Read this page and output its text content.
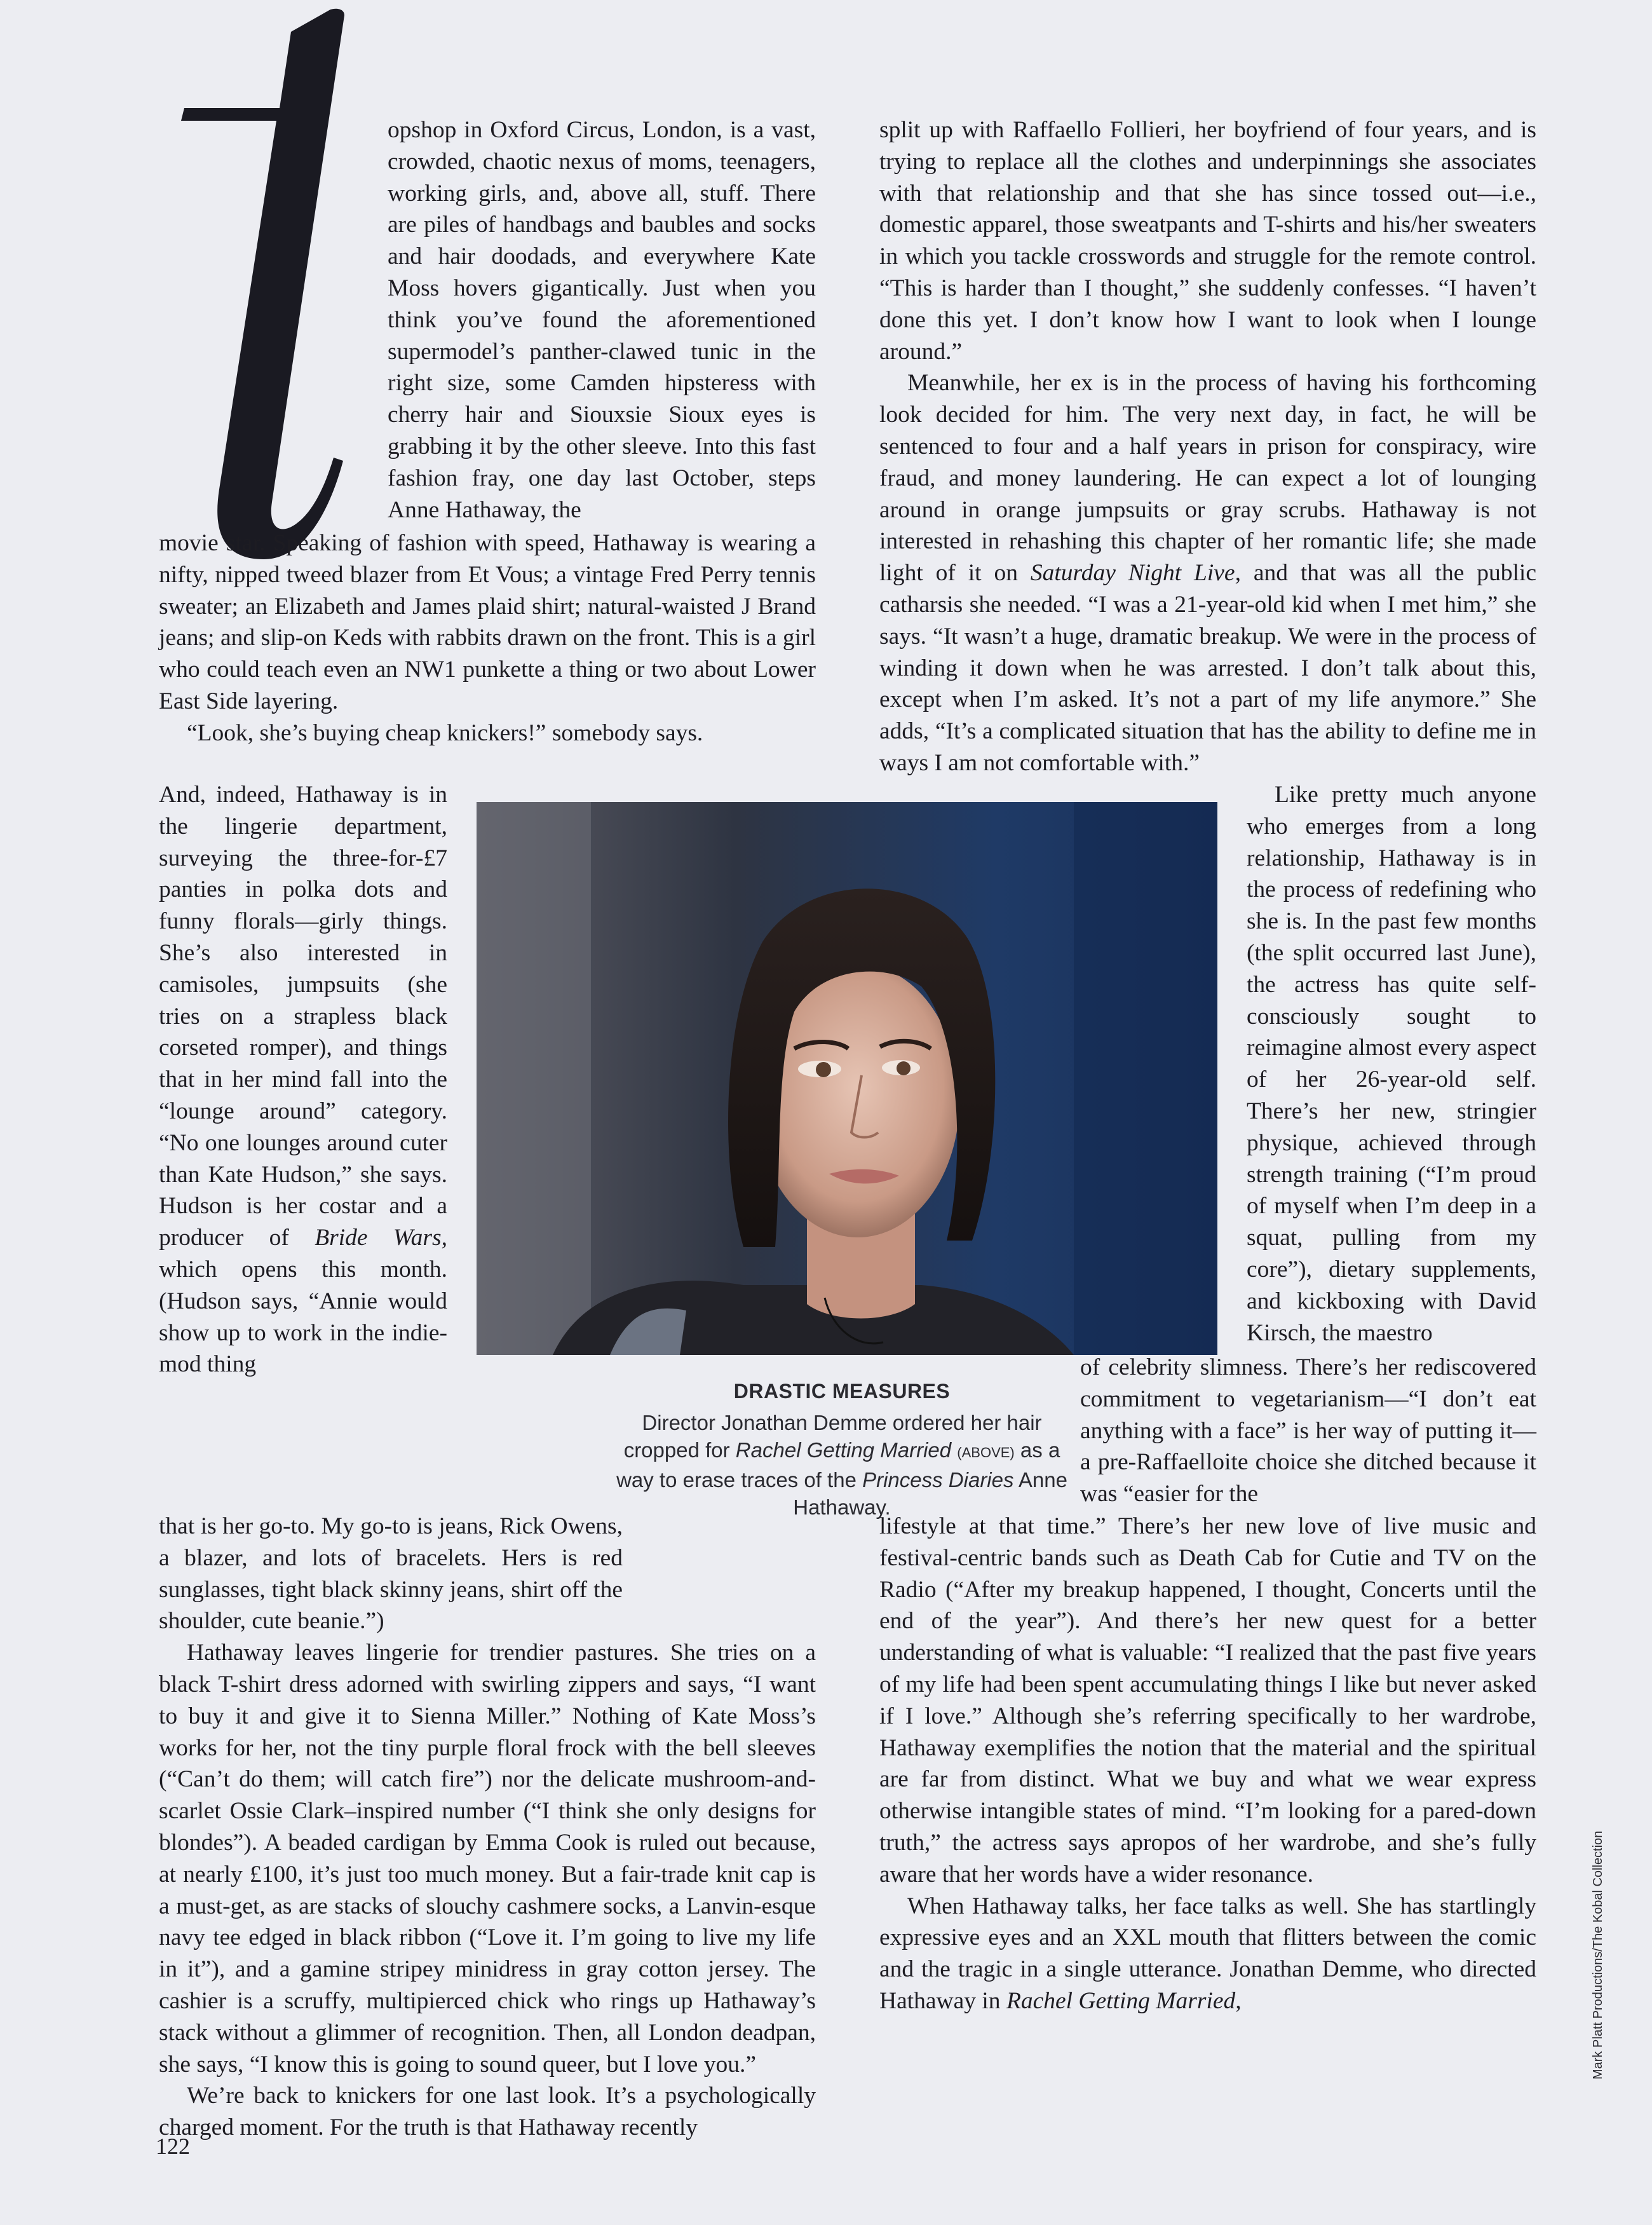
opshop in Oxford Circus, London, is a vast, crowded, chaotic nexus of moms, teenagers, working girls, and, above all, stuff. There are piles of handbags and baubles and socks and hair doodads, and everywhere Kate Moss hovers gigantically. Just when you think you’ve found the aforementioned supermodel’s panther-clawed tunic in the right size, some Camden hipsteress with cherry hair and Siouxsie Sioux eyes is grabbing it by the other sleeve. Into this fast fashion fray, one day last October, steps Anne Hathaway, the

movie star. Speaking of fashion with speed, Hathaway is wearing a nifty, nipped tweed blazer from Et Vous; a vintage Fred Perry tennis sweater; an Elizabeth and James plaid shirt; natural-waisted J Brand jeans; and slip-on Keds with rabbits drawn on the front. This is a girl who could teach even an NW1 punkette a thing or two about Lower East Side layering.

“Look, she’s buying cheap knickers!” somebody says.

And, indeed, Hathaway is in the lingerie department, surveying the three-for-£7 panties in polka dots and funny florals—girly things. She’s also interested in camisoles, jumpsuits (she tries on a strapless black corseted romper), and things that in her mind fall into the “lounge around” category. “No one lounges around cuter than Kate Hudson,” she says. Hudson is her costar and a producer of Bride Wars, which opens this month. (Hudson says, “Annie would show up to work in the indie-mod thing

DRASTIC MEASURES
Director Jonathan Demme ordered her hair cropped for Rachel Getting Married (ABOVE) as a way to erase traces of the Princess Diaries Anne Hathaway.

that is her go-to. My go-to is jeans, Rick Owens, a blazer, and lots of bracelets. Hers is red sunglasses, tight black skinny jeans, shirt off the shoulder, cute beanie.”)

Hathaway leaves lingerie for trendier pastures. She tries on a black T-shirt dress adorned with swirling zippers and says, “I want to buy it and give it to Sienna Miller.” Nothing of Kate Moss’s works for her, not the tiny purple floral frock with the bell sleeves (“Can’t do them; will catch fire”) nor the delicate mushroom-and-scarlet Ossie Clark–inspired number (“I think she only designs for blondes”). A beaded cardigan by Emma Cook is ruled out because, at nearly £100, it’s just too much money. But a fair-trade knit cap is a must-get, as are stacks of slouchy cashmere socks, a Lanvin-esque navy tee edged in black ribbon (“Love it. I’m going to live my life in it”), and a gamine stripey minidress in gray cotton jersey. The cashier is a scruffy, multipierced chick who rings up Hathaway’s stack without a glimmer of recognition. Then, all London deadpan, she says, “I know this is going to sound queer, but I love you.”

We’re back to knickers for one last look. It’s a psychologically charged moment. For the truth is that Hathaway recently

split up with Raffaello Follieri, her boyfriend of four years, and is trying to replace all the clothes and underpinnings she associates with that relationship and that she has since tossed out—i.e., domestic apparel, those sweatpants and T-shirts and his/her sweaters in which you tackle crosswords and struggle for the remote control. “This is harder than I thought,” she suddenly confesses. “I haven’t done this yet. I don’t know how I want to look when I lounge around.”

Meanwhile, her ex is in the process of having his forthcoming look decided for him. The very next day, in fact, he will be sentenced to four and a half years in prison for conspiracy, wire fraud, and money laundering. He can expect a lot of lounging around in orange jumpsuits or gray scrubs. Hathaway is not interested in rehashing this chapter of her romantic life; she made light of it on Saturday Night Live, and that was all the public catharsis she needed. “I was a 21-year-old kid when I met him,” she says. “It wasn’t a huge, dramatic breakup. We were in the process of winding it down when he was arrested. I don’t talk about this, except when I’m asked. It’s not a part of my life anymore.” She adds, “It’s a complicated situation that has the ability to define me in ways I am not comfortable with.”

Like pretty much anyone who emerges from a long relationship, Hathaway is in the process of redefining who she is. In the past few months (the split occurred last June), the actress has quite self-consciously sought to reimagine almost every aspect of her 26-year-old self. There’s her new, stringier physique, achieved through strength training (“I’m proud of myself when I’m deep in a squat, pulling from my core”), dietary supplements, and kickboxing with David Kirsch, the maestro

of celebrity slimness. There’s her rediscovered commitment to vegetarianism—“I don’t eat anything with a face” is her way of putting it—a pre-Raffaelloite choice she ditched because it was “easier for the

lifestyle at that time.” There’s her new love of live music and festival-centric bands such as Death Cab for Cutie and TV on the Radio (“After my breakup happened, I thought, Concerts until the end of the year”). And there’s her new quest for a better understanding of what is valuable: “I realized that the past five years of my life had been spent accumulating things I like but never asked if I love.” Although she’s referring specifically to her wardrobe, Hathaway exemplifies the notion that the material and the spiritual are far from distinct. What we buy and what we wear express otherwise intangible states of mind. “I’m looking for a pared-down truth,” the actress says apropos of her wardrobe, and she’s fully aware that her words have a wider resonance.

When Hathaway talks, her face talks as well. She has startlingly expressive eyes and an XXL mouth that flitters between the comic and the tragic in a single utterance. Jonathan Demme, who directed Hathaway in Rachel Getting Married,	Mark Platt Productions/The Kobal Collection
122
